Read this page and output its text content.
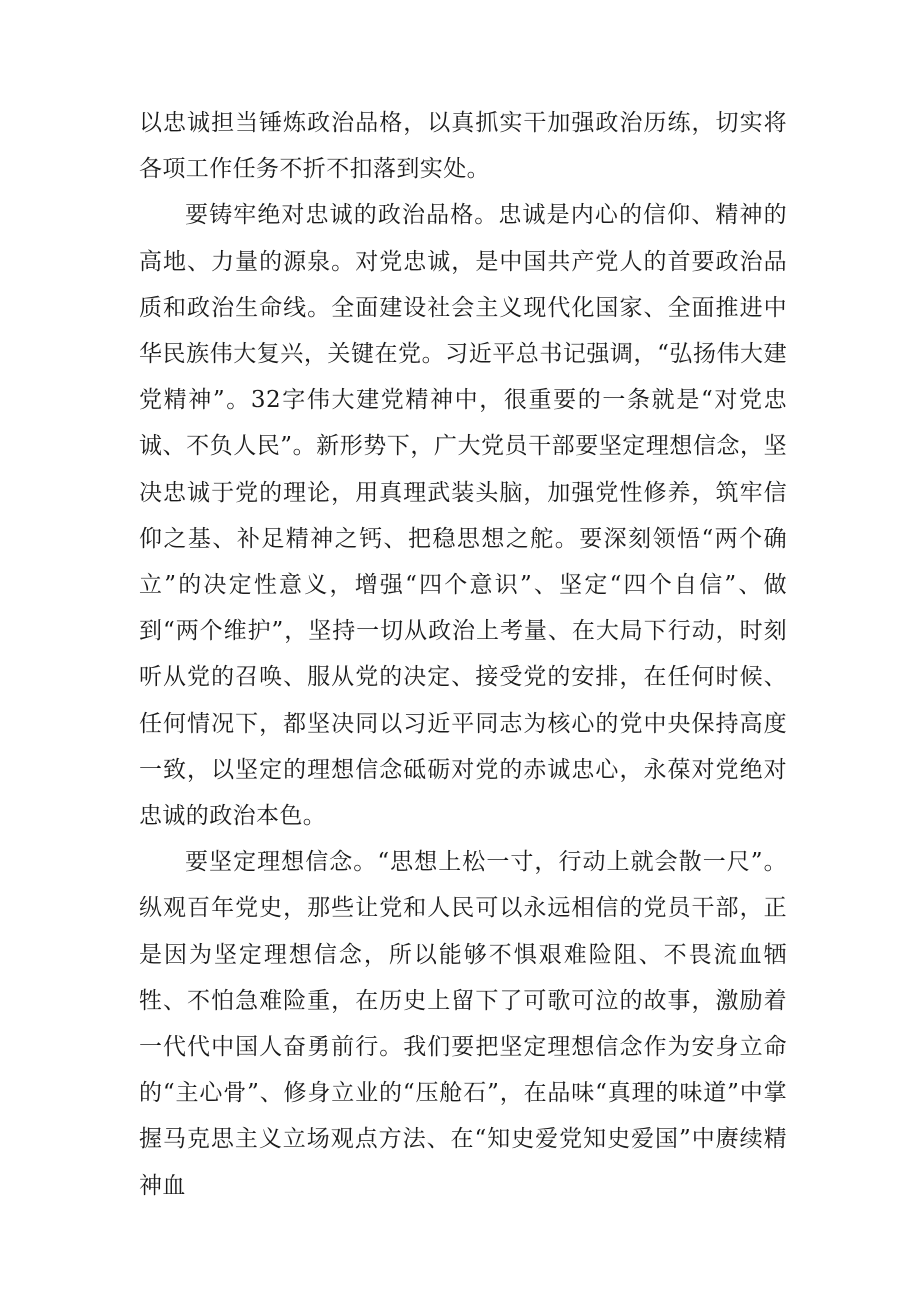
以忠诚担当锤炼政治品格，以真抓实干加强政治历练，切实将各项工作任务不折不扣落到实处。

要铸牢绝对忠诚的政治品格。忠诚是内心的信仰、精神的高地、力量的源泉。对党忠诚，是中国共产党人的首要政治品质和政治生命线。全面建设社会主义现代化国家、全面推进中华民族伟大复兴，关键在党。习近平总书记强调，“弘扬伟大建党精神”。32字伟大建党精神中，很重要的一条就是“对党忠诚、不负人民”。新形势下，广大党员干部要坚定理想信念，坚决忠诚于党的理论，用真理武装头脑，加强党性修养，筑牢信仰之基、补足精神之钙、把稳思想之舵。要深刻领悟“两个确立”的决定性意义，增强“四个意识”、坚定“四个自信”、做到“两个维护”，坚持一切从政治上考量、在大局下行动，时刻听从党的召唤、服从党的决定、接受党的安排，在任何时候、任何情况下，都坚决同以习近平同志为核心的党中央保持高度一致，以坚定的理想信念砥砺对党的赤诚忠心，永葆对党绝对忠诚的政治本色。

要坚定理想信念。“思想上松一寸，行动上就会散一尺”。纵观百年党史，那些让党和人民可以永远相信的党员干部，正是因为坚定理想信念，所以能够不惧艰难险阻、不畏流血牺牲、不怕急难险重，在历史上留下了可歌可泣的故事，激励着一代代中国人奋勇前行。我们要把坚定理想信念作为安身立命的“主心骨”、修身立业的“压舱石”，在品味“真理的味道”中掌握马克思主义立场观点方法、在“知史爱党知史爱国”中赓续精神血
